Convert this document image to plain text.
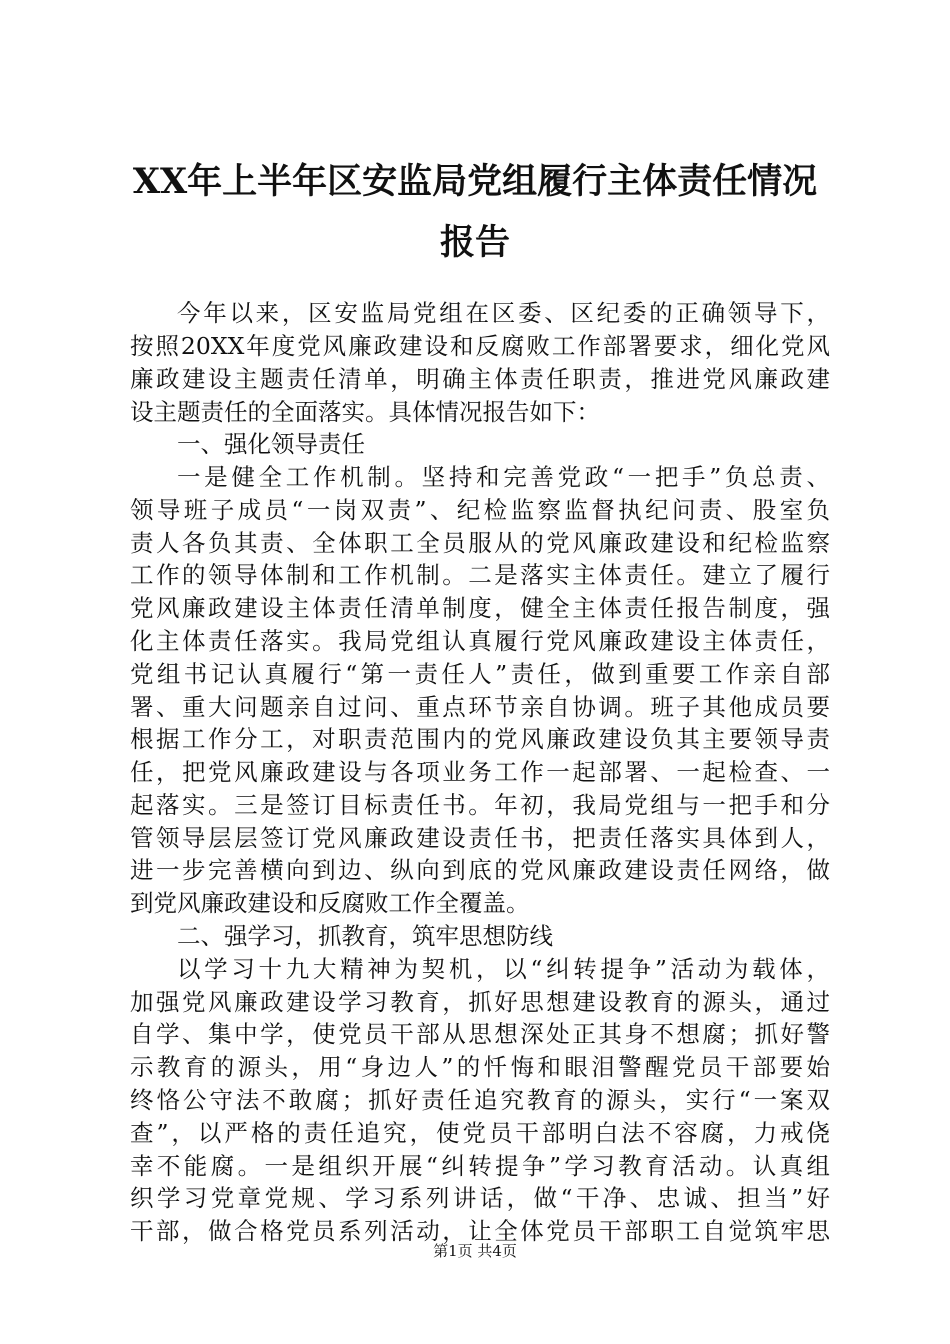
XX年上半年区安监局党组履行主体责任情况
报告
今年以来，区安监局党组在区委、区纪委的正确领导下，
按照20XX年度党风廉政建设和反腐败工作部署要求，细化党风
廉政建设主题责任清单，明确主体责任职责，推进党风廉政建
设主题责任的全面落实。具体情况报告如下：
一、强化领导责任
一是健全工作机制。坚持和完善党政“一把手”负总责、
领导班子成员“一岗双责”、纪检监察监督执纪问责、股室负
责人各负其责、全体职工全员服从的党风廉政建设和纪检监察
工作的领导体制和工作机制。二是落实主体责任。建立了履行
党风廉政建设主体责任清单制度，健全主体责任报告制度，强
化主体责任落实。我局党组认真履行党风廉政建设主体责任，
党组书记认真履行“第一责任人”责任，做到重要工作亲自部
署、重大问题亲自过问、重点环节亲自协调。班子其他成员要
根据工作分工，对职责范围内的党风廉政建设负其主要领导责
任，把党风廉政建设与各项业务工作一起部署、一起检查、一
起落实。三是签订目标责任书。年初，我局党组与一把手和分
管领导层层签订党风廉政建设责任书，把责任落实具体到人，
进一步完善横向到边、纵向到底的党风廉政建设责任网络，做
到党风廉政建设和反腐败工作全覆盖。
二、强学习，抓教育，筑牢思想防线
以学习十九大精神为契机，以“纠转提争”活动为载体，
加强党风廉政建设学习教育，抓好思想建设教育的源头，通过
自学、集中学，使党员干部从思想深处正其身不想腐；抓好警
示教育的源头，用“身边人”的忏悔和眼泪警醒党员干部要始
终恪公守法不敢腐；抓好责任追究教育的源头，实行“一案双
查”，以严格的责任追究，使党员干部明白法不容腐，力戒侥
幸不能腐。一是组织开展“纠转提争”学习教育活动。认真组
织学习党章党规、学习系列讲话，做“干净、忠诚、担当”好
干部，做合格党员系列活动，让全体党员干部职工自觉筑牢思
第1页 共4页
